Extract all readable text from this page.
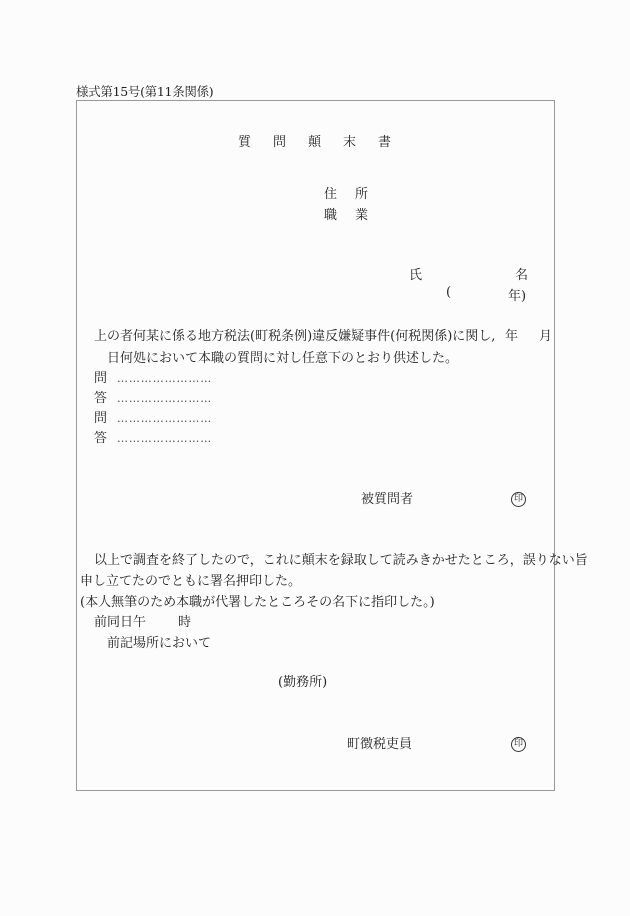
様式第15号(第11条関係)
質	問	顛	末	書
住 所
職 業
氏	名
(	年)
上の者何某に係る地方税法(町税条例)違反嫌疑事件(何税関係)に関し, 年 月
日何処において本職の質問に対し任意下のとおり供述した。
問 ……………………
答 ……………………
問 ……………………
答 ……………………
被質問者	印
以上で調査を終了したので，これに顛末を録取して読みきかせたところ，誤りない旨
申し立てたのでともに署名押印した。
(本人無筆のため本職が代署したところその名下に指印した。)
前同日午 時
前記場所において
(勤務所)
町徴税吏員	印
